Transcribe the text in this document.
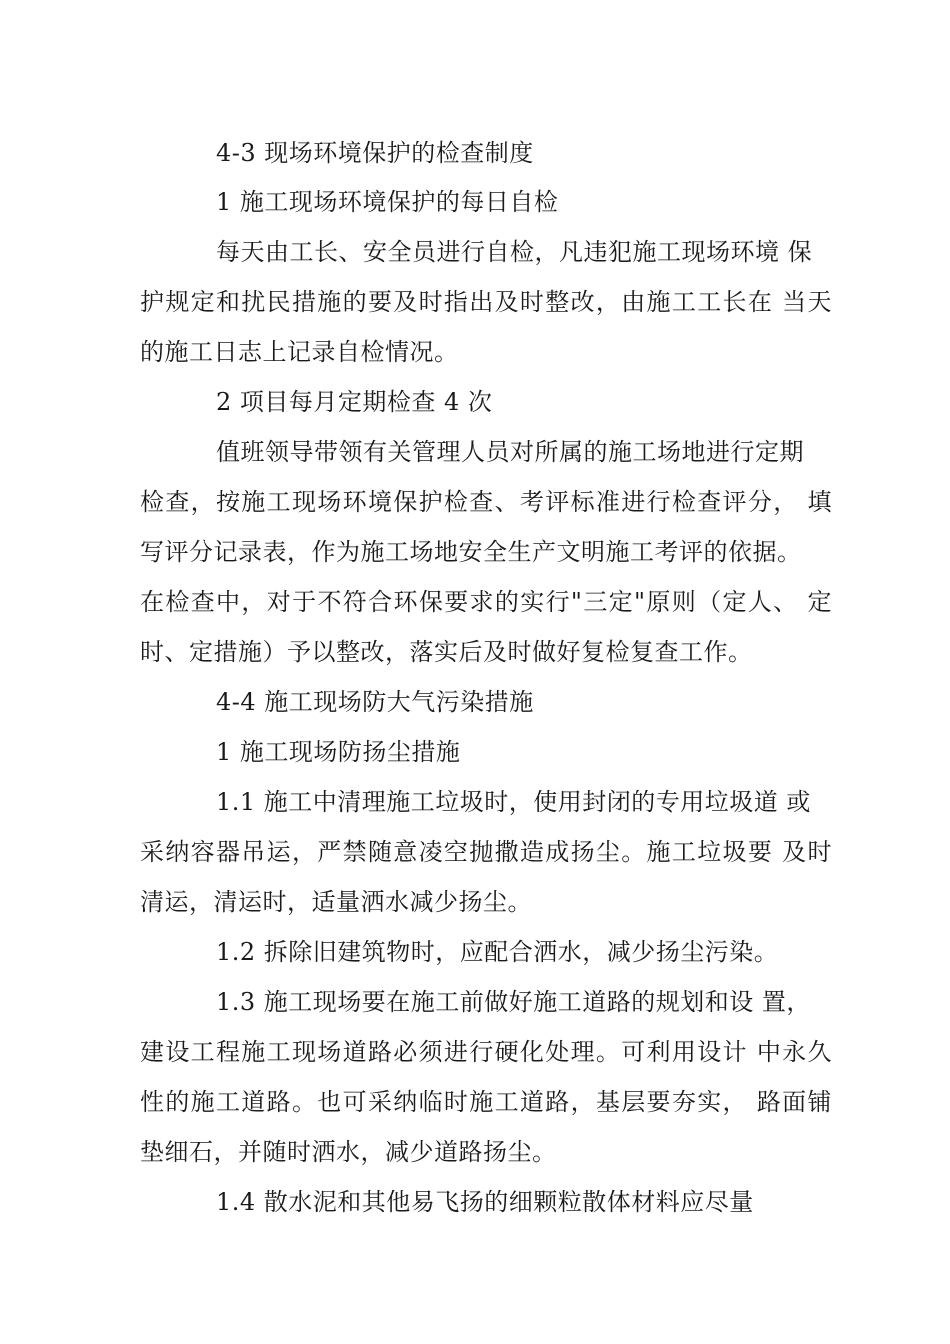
4-3 现场环境保护的检查制度
1 施工现场环境保护的每日自检
每天由工长、安全员进行自检，凡违犯施工现场环境 保
护规定和扰民措施的要及时指出及时整改，由施工工长在 当天
的施工日志上记录自检情况。
2 项目每月定期检查 4 次
值班领导带领有关管理人员对所属的施工场地进行定期
检查，按施工现场环境保护检查、考评标准进行检查评分， 填
写评分记录表，作为施工场地安全生产文明施工考评的依据。
在检查中，对于不符合环保要求的实行"三定"原则（定人、 定
时、定措施）予以整改，落实后及时做好复检复查工作。
4-4 施工现场防大气污染措施
1 施工现场防扬尘措施
1.1 施工中清理施工垃圾时，使用封闭的专用垃圾道 或
采纳容器吊运，严禁随意凌空抛撒造成扬尘。施工垃圾要 及时
清运，清运时，适量洒水减少扬尘。
1.2 拆除旧建筑物时，应配合洒水，减少扬尘污染。
1.3 施工现场要在施工前做好施工道路的规划和设 置，
建设工程施工现场道路必须进行硬化处理。可利用设计 中永久
性的施工道路。也可采纳临时施工道路，基层要夯实， 路面铺
垫细石，并随时洒水，减少道路扬尘。
1.4 散水泥和其他易飞扬的细颗粒散体材料应尽量
